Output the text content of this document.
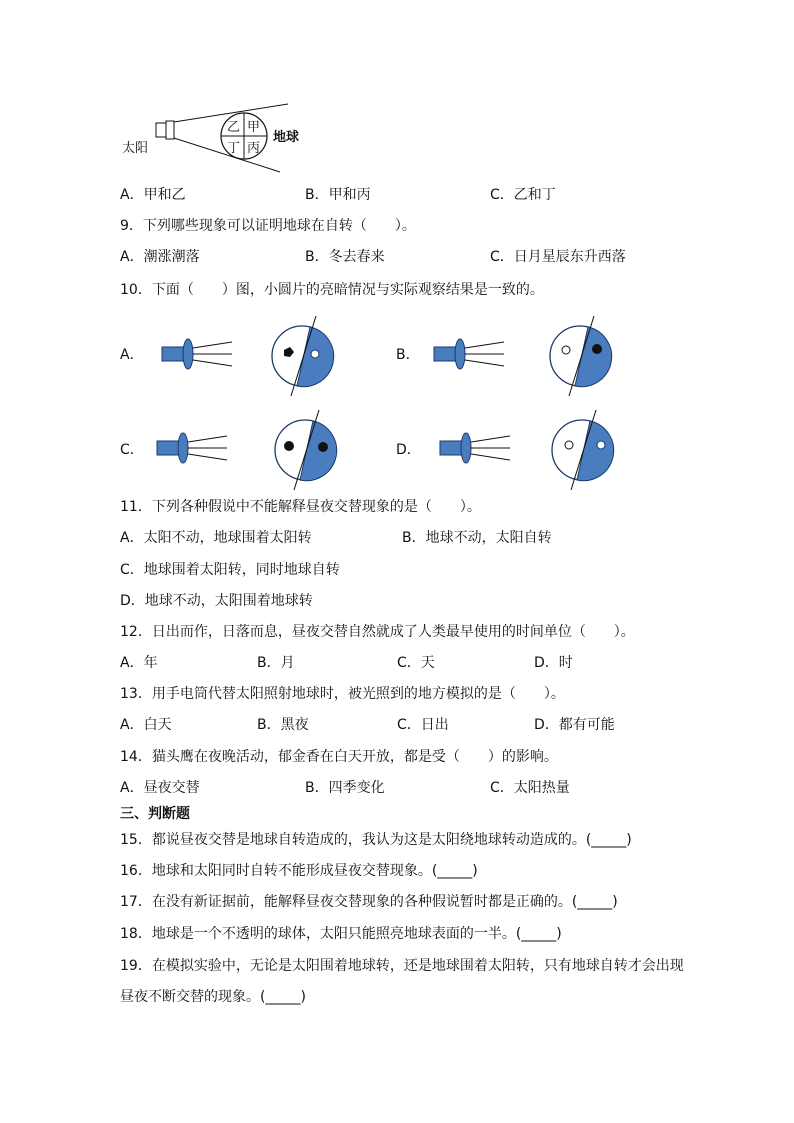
乙 甲
丁 丙
地球
太阳
A．甲和乙	B．甲和丙	C．乙和丁
9．下列哪些现象可以证明地球在自转（　　）。
A．潮涨潮落	B．冬去春来	C．日月星辰东升西落
10．下面（　　）图，小圆片的亮暗情况与实际观察结果是一致的。
A．	B．
C．	D．
11．下列各种假说中不能解释昼夜交替现象的是（　　）。
A．太阳不动，地球围着太阳转	B．地球不动，太阳自转
C．地球围着太阳转，同时地球自转
D．地球不动，太阳围着地球转
12．日出而作，日落而息，昼夜交替自然就成了人类最早使用的时间单位（　　）。
A．年	B．月	C．天	D．时
13．用手电筒代替太阳照射地球时，被光照到的地方模拟的是（　　）。
A．白天	B．黑夜	C．日出	D．都有可能
14．猫头鹰在夜晚活动，郁金香在白天开放，都是受（　　）的影响。
A．昼夜交替	B．四季变化	C．太阳热量
三、判断题
15．都说昼夜交替是地球自转造成的，我认为这是太阳绕地球转动造成的。(_____)
16．地球和太阳同时自转不能形成昼夜交替现象。(_____)
17．在没有新证据前，能解释昼夜交替现象的各种假说暂时都是正确的。(_____)
18．地球是一个不透明的球体，太阳只能照亮地球表面的一半。(_____)
19．在模拟实验中，无论是太阳围着地球转，还是地球围着太阳转，只有地球自转才会出现
昼夜不断交替的现象。(_____)
